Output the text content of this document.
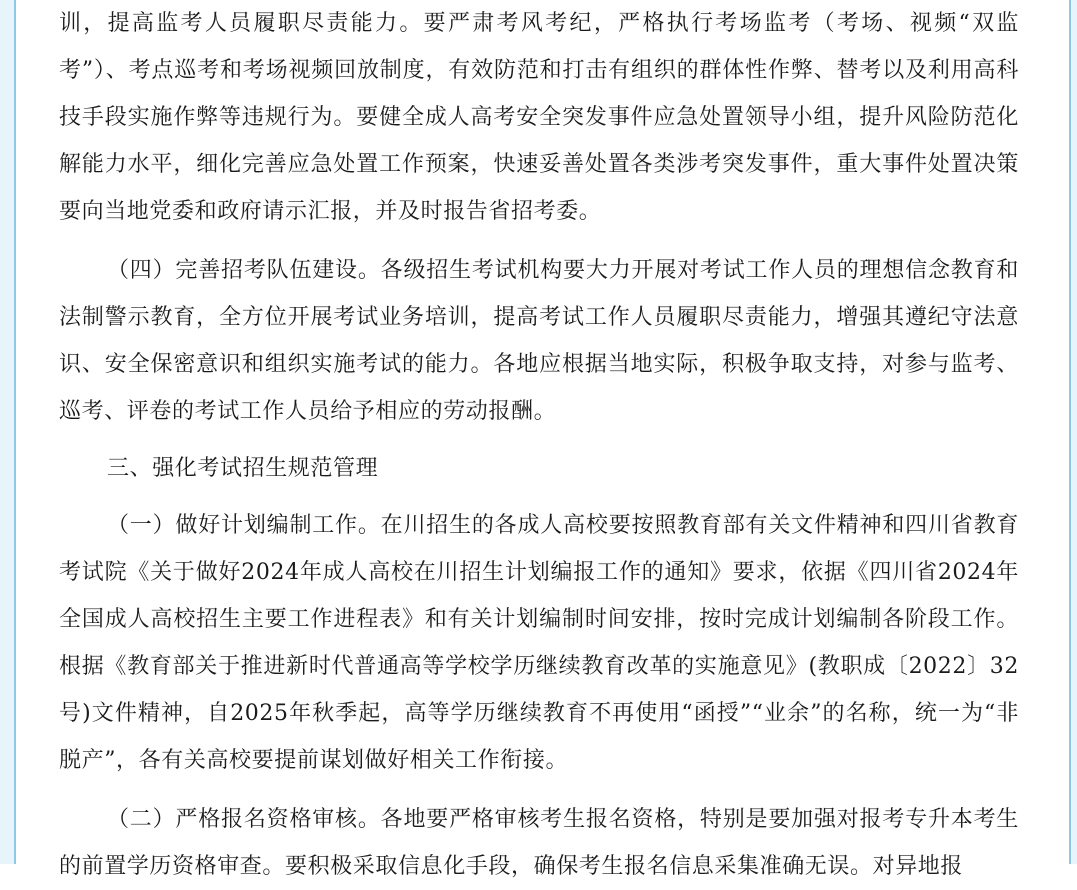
训，提高监考人员履职尽责能力。要严肃考风考纪，严格执行考场监考（考场、视频“双监考”）、考点巡考和考场视频回放制度，有效防范和打击有组织的群体性作弊、替考以及利用高科技手段实施作弊等违规行为。要健全成人高考安全突发事件应急处置领导小组，提升风险防范化解能力水平，细化完善应急处置工作预案，快速妥善处置各类涉考突发事件，重大事件处置决策要向当地党委和政府请示汇报，并及时报告省招考委。

（四）完善招考队伍建设。各级招生考试机构要大力开展对考试工作人员的理想信念教育和法制警示教育，全方位开展考试业务培训，提高考试工作人员履职尽责能力，增强其遵纪守法意识、安全保密意识和组织实施考试的能力。各地应根据当地实际，积极争取支持，对参与监考、巡考、评卷的考试工作人员给予相应的劳动报酬。

三、强化考试招生规范管理

（一）做好计划编制工作。在川招生的各成人高校要按照教育部有关文件精神和四川省教育考试院《关于做好2024年成人高校在川招生计划编报工作的通知》要求，依据《四川省2024年全国成人高校招生主要工作进程表》和有关计划编制时间安排，按时完成计划编制各阶段工作。根据《教育部关于推进新时代普通高等学校学历继续教育改革的实施意见》(教职成〔2022〕32号)文件精神，自2025年秋季起，高等学历继续教育不再使用“函授”“业余”的名称，统一为“非脱产”，各有关高校要提前谋划做好相关工作衔接。

（二）严格报名资格审核。各地要严格审核考生报名资格，特别是要加强对报考专升本考生的前置学历资格审查。要积极采取信息化手段，确保考生报名信息采集准确无误。对异地报
